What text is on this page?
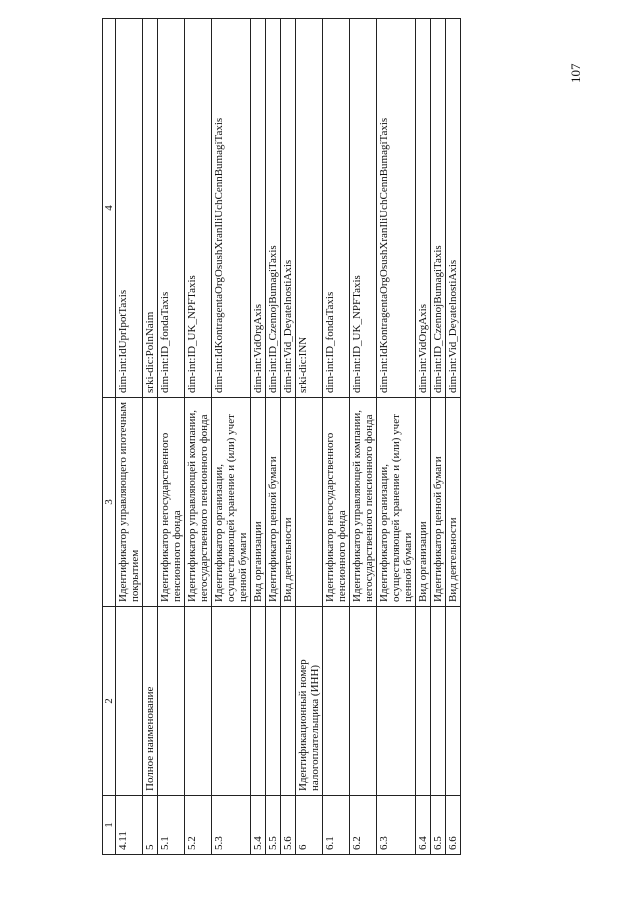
107
1	2	3	4
4.11		Идентификатор управляющего ипотечным покрытием	dim-int:IdUprIpotTaxis
5	Полное наименование		srki-dic:PolnNaim
5.1		Идентификатор негосударственного пенсионного фонда	dim-int:ID_fondaTaxis
5.2		Идентификатор управляющей компании, негосударственного пенсионного фонда	dim-int:ID_UK_NPFTaxis
5.3		Идентификатор организации, осуществляющей хранение и (или) учет ценной бумаги	dim-int:IdKontragentaOrgOsushXranIliUchCennBumagiTaxis
5.4		Вид организации	dim-int:VidOrgAxis
5.5		Идентификатор ценной бумаги	dim-int:ID_CzennojBumagiTaxis
5.6		Вид деятельности	dim-int:Vid_DeyatelnostiAxis
6	Идентификационный номер налогоплательщика (ИНН)		srki-dic:INN
6.1		Идентификатор негосударственного пенсионного фонда	dim-int:ID_fondaTaxis
6.2		Идентификатор управляющей компании, негосударственного пенсионного фонда	dim-int:ID_UK_NPFTaxis
6.3		Идентификатор организации, осуществляющей хранение и (или) учет ценной бумаги	dim-int:IdKontragentaOrgOsushXranIliUchCennBumagiTaxis
6.4		Вид организации	dim-int:VidOrgAxis
6.5		Идентификатор ценной бумаги	dim-int:ID_CzennojBumagiTaxis
6.6		Вид деятельности	dim-int:Vid_DeyatelnostiAxis
